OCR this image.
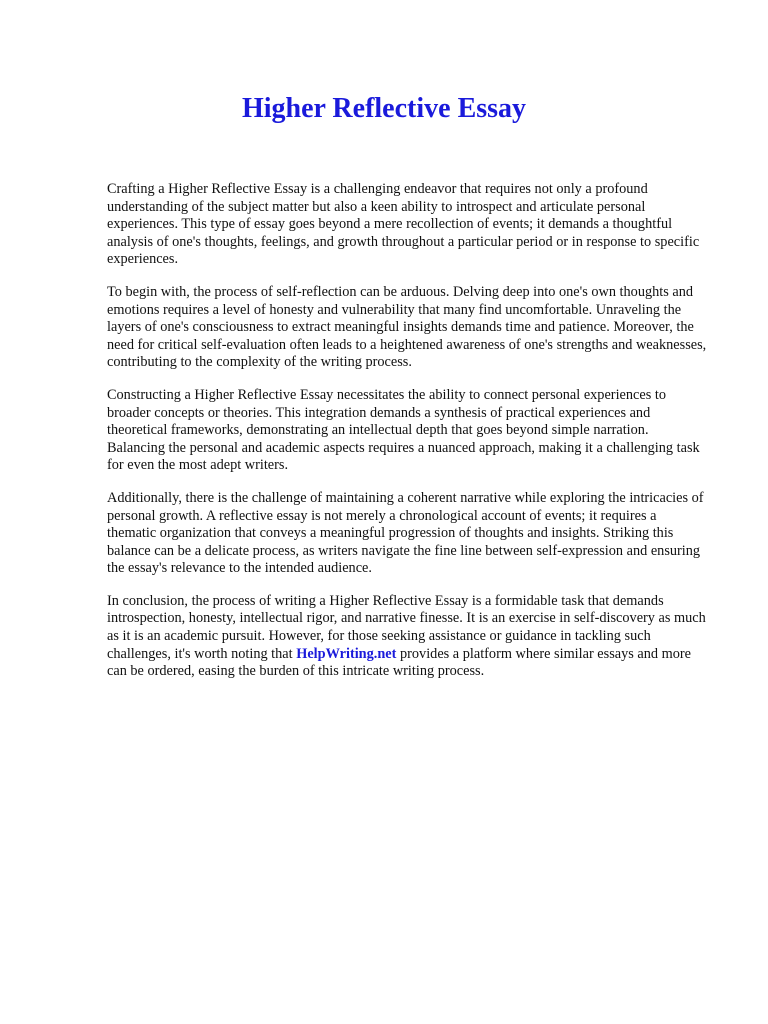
Higher Reflective Essay

Crafting a Higher Reflective Essay is a challenging endeavor that requires not only a profound understanding of the subject matter but also a keen ability to introspect and articulate personal experiences. This type of essay goes beyond a mere recollection of events; it demands a thoughtful analysis of one's thoughts, feelings, and growth throughout a particular period or in response to specific experiences.

To begin with, the process of self-reflection can be arduous. Delving deep into one's own thoughts and emotions requires a level of honesty and vulnerability that many find uncomfortable. Unraveling the layers of one's consciousness to extract meaningful insights demands time and patience. Moreover, the need for critical self-evaluation often leads to a heightened awareness of one's strengths and weaknesses, contributing to the complexity of the writing process.

Constructing a Higher Reflective Essay necessitates the ability to connect personal experiences to broader concepts or theories. This integration demands a synthesis of practical experiences and theoretical frameworks, demonstrating an intellectual depth that goes beyond simple narration. Balancing the personal and academic aspects requires a nuanced approach, making it a challenging task for even the most adept writers.

Additionally, there is the challenge of maintaining a coherent narrative while exploring the intricacies of personal growth. A reflective essay is not merely a chronological account of events; it requires a thematic organization that conveys a meaningful progression of thoughts and insights. Striking this balance can be a delicate process, as writers navigate the fine line between self-expression and ensuring the essay's relevance to the intended audience.

In conclusion, the process of writing a Higher Reflective Essay is a formidable task that demands introspection, honesty, intellectual rigor, and narrative finesse. It is an exercise in self-discovery as much as it is an academic pursuit. However, for those seeking assistance or guidance in tackling such challenges, it's worth noting that HelpWriting.net provides a platform where similar essays and more can be ordered, easing the burden of this intricate writing process.
